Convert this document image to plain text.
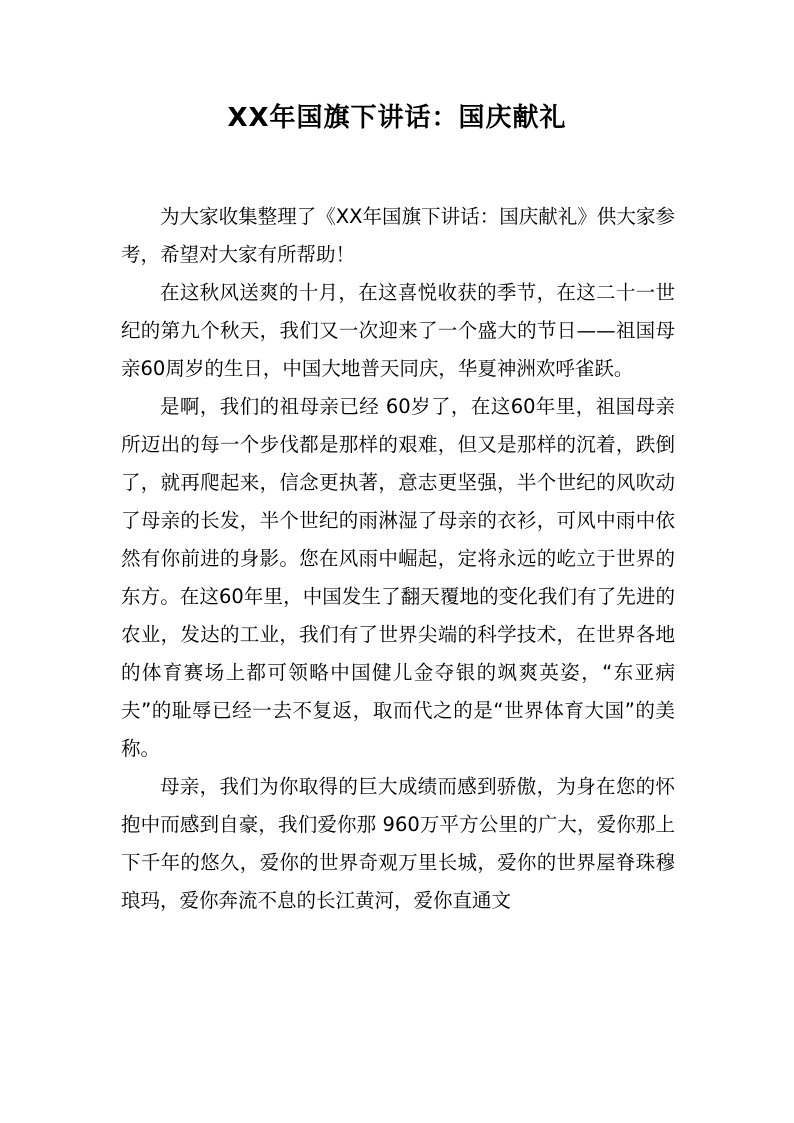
XX年国旗下讲话：国庆献礼

为大家收集整理了《XX年国旗下讲话：国庆献礼》供大家参考，希望对大家有所帮助！

在这秋风送爽的十月，在这喜悦收获的季节，在这二十一世纪的第九个秋天，我们又一次迎来了一个盛大的节日——祖国母亲60周岁的生日，中国大地普天同庆，华夏神洲欢呼雀跃。

是啊，我们的祖母亲已经 60岁了，在这60年里，祖国母亲所迈出的每一个步伐都是那样的艰难，但又是那样的沉着，跌倒了，就再爬起来，信念更执著，意志更坚强，半个世纪的风吹动了母亲的长发，半个世纪的雨淋湿了母亲的衣衫，可风中雨中依然有你前进的身影。您在风雨中崛起，定将永远的屹立于世界的东方。在这60年里，中国发生了翻天覆地的变化我们有了先进的农业，发达的工业，我们有了世界尖端的科学技术，在世界各地的体育赛场上都可领略中国健儿金夺银的飒爽英姿，“东亚病夫”的耻辱已经一去不复返，取而代之的是“世界体育大国”的美称。

母亲，我们为你取得的巨大成绩而感到骄傲，为身在您的怀抱中而感到自豪，我们爱你那 960万平方公里的广大，爱你那上下千年的悠久，爱你的世界奇观万里长城，爱你的世界屋脊珠穆琅玛，爱你奔流不息的长江黄河，爱你直通文
